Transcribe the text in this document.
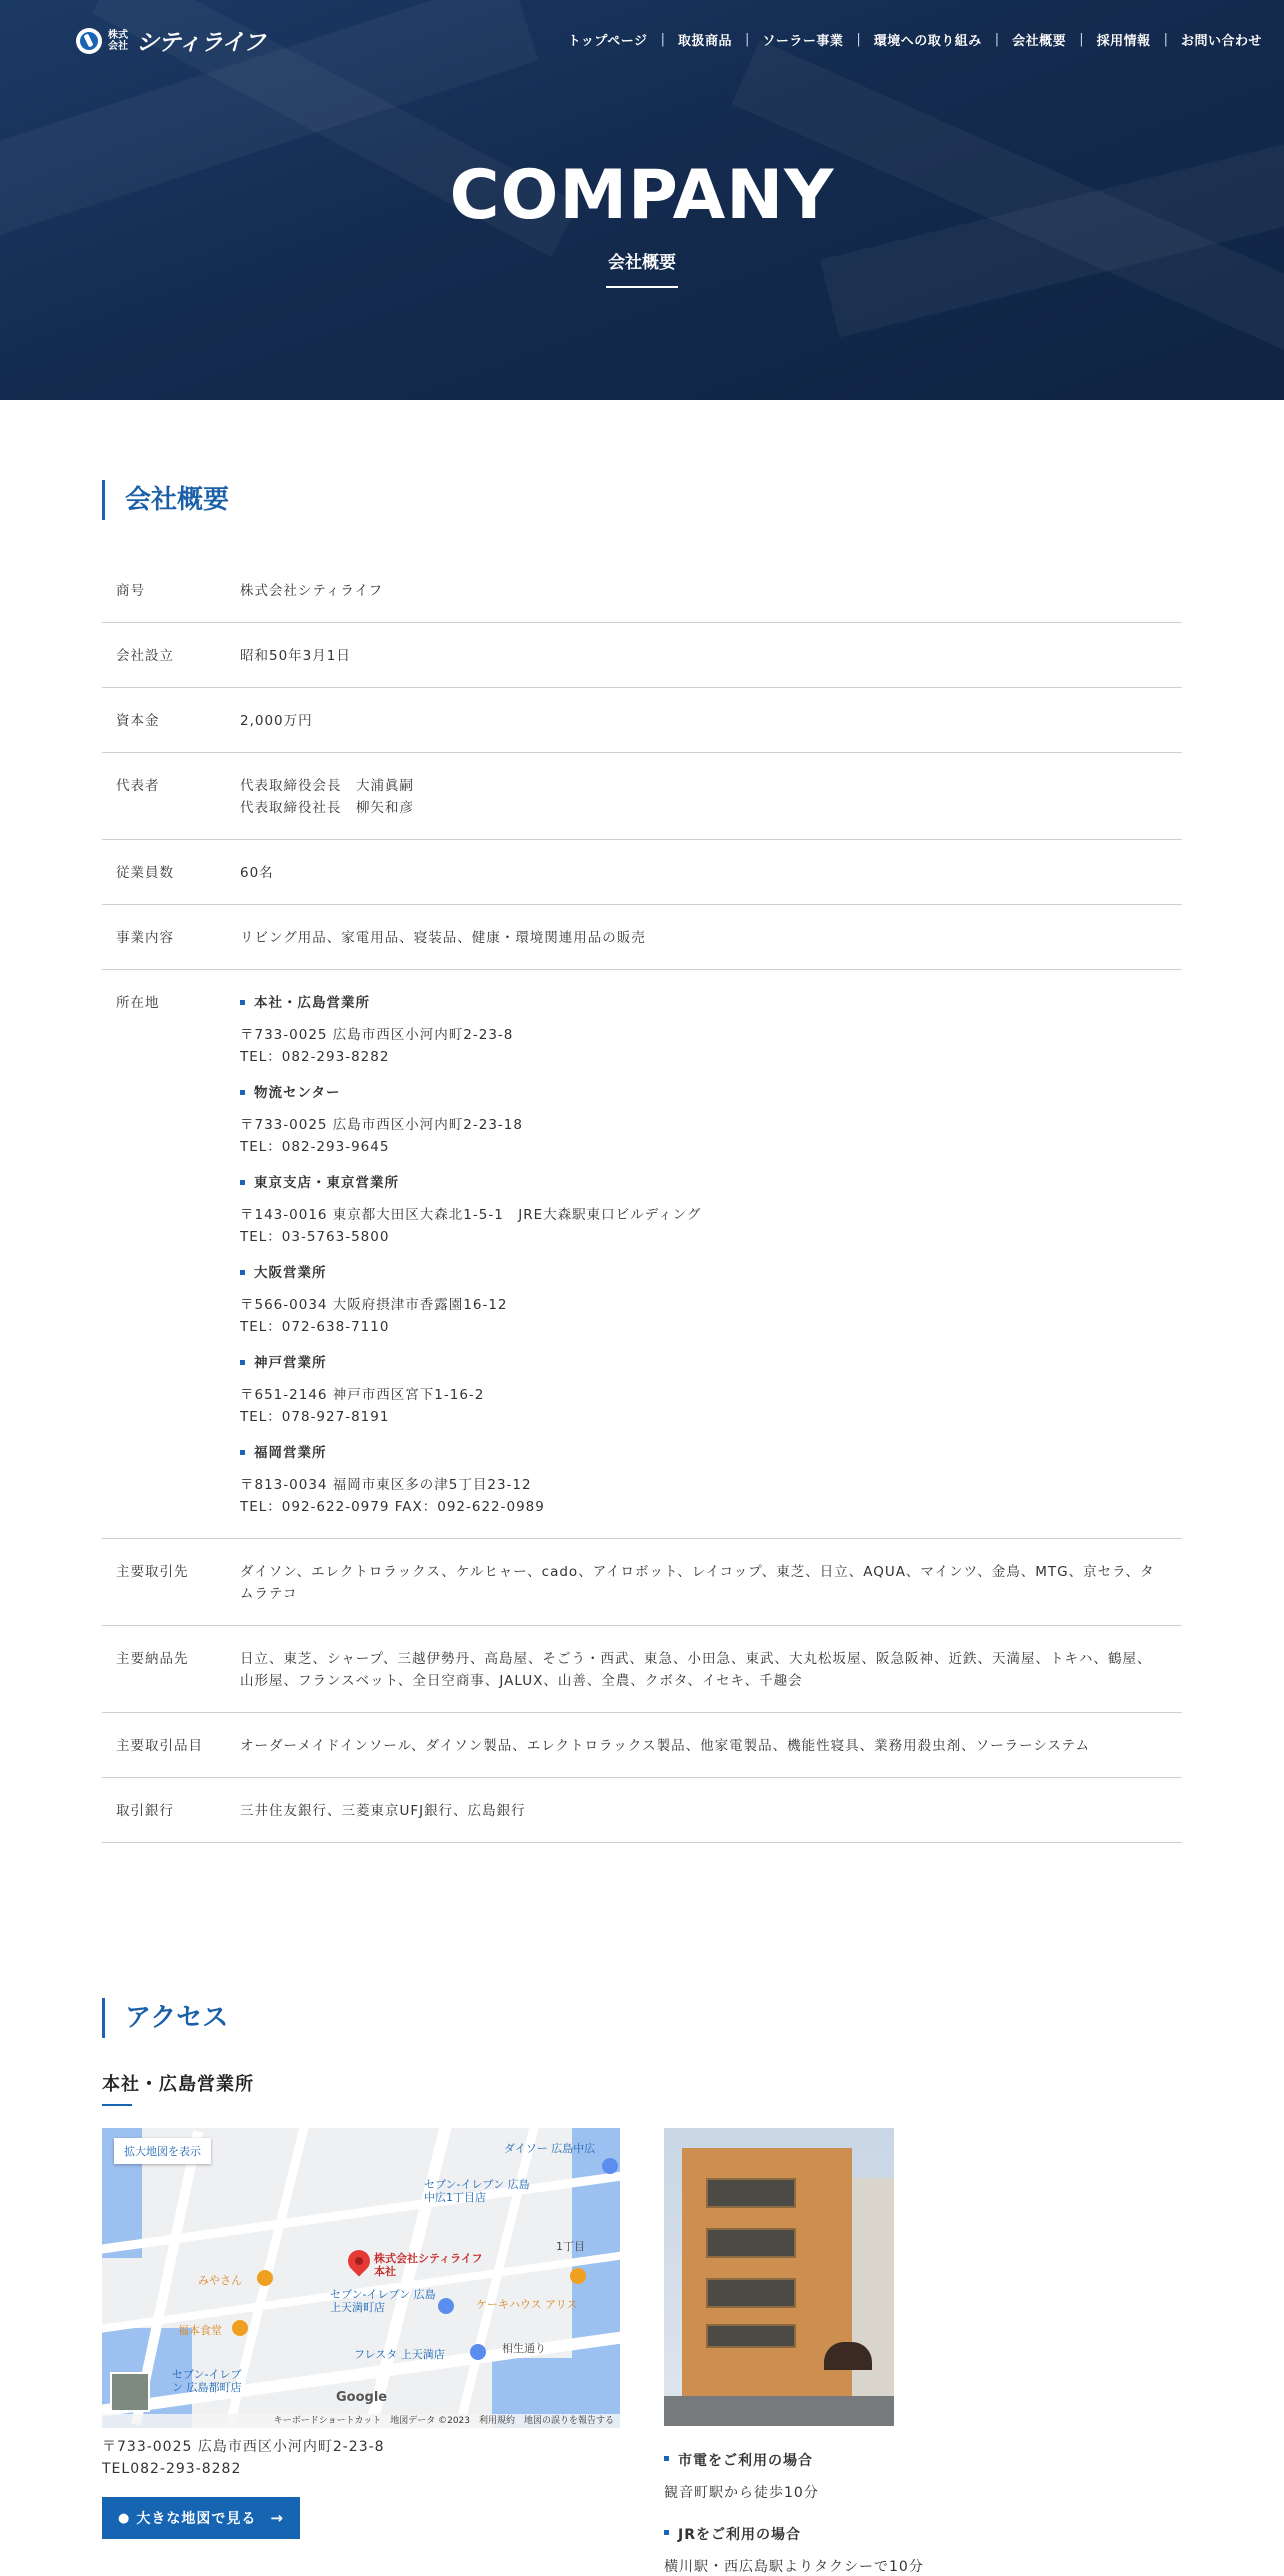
株式会社 シティライフ	トップページ | 取扱商品 | ソーラー事業 | 環境への取り組み | 会社概要 | 採用情報 | お問い合わせ
COMPANY
会社概要
会社概要
商号	株式会社シティライフ
会社設立	昭和50年3月1日
資本金	2,000万円
代表者	代表取締役会長　大浦眞嗣
代表取締役社長　柳矢和彦
従業員数	60名
事業内容	リビング用品、家電用品、寝装品、健康・環境関連用品の販売
所在地	本社・広島営業所
〒733-0025 広島市西区小河内町2-23-8
TEL：082-293-8282
物流センター
〒733-0025 広島市西区小河内町2-23-18
TEL：082-293-9645
東京支店・東京営業所
〒143-0016 東京都大田区大森北1-5-1　JRE大森駅東口ビルディング
TEL：03-5763-5800
大阪営業所
〒566-0034 大阪府摂津市香露園16-12
TEL：072-638-7110
神戸営業所
〒651-2146 神戸市西区宮下1-16-2
TEL：078-927-8191
福岡営業所
〒813-0034 福岡市東区多の津5丁目23-12
TEL：092-622-0979 FAX：092-622-0989
主要取引先	ダイソン、エレクトロラックス、ケルヒャー、cado、アイロボット、レイコップ、東芝、日立、AQUA、マインツ、金鳥、MTG、京セラ、タムラテコ
主要納品先	日立、東芝、シャープ、三越伊勢丹、高島屋、そごう・西武、東急、小田急、東武、大丸松坂屋、阪急阪神、近鉄、天満屋、トキハ、鶴屋、山形屋、フランスベット、全日空商事、JALUX、山善、全農、クボタ、イセキ、千趣会
主要取引品目	オーダーメイドインソール、ダイソン製品、エレクトロラックス製品、他家電製品、機能性寝具、業務用殺虫剤、ソーラーシステム
取引銀行	三井住友銀行、三菱東京UFJ銀行、広島銀行
アクセス
本社・広島営業所
拡大地図を表示
株式会社シティライフ 本社
ダイソー 広島中広
セブン-イレブン 広島中広1丁目店
みやさん
福本食堂
セブン-イレブン 広島上天満町店	ケーキハウス アリス
フレスタ 上天満店
セブン-イレブン 広島都町店
相生通り
1丁目
Google
キーボードショートカット　地図データ ©2023　利用規約　地図の誤りを報告する
〒733-0025 広島市西区小河内町2-23-8
TEL082-293-8282
● 大きな地図で見る →
市電をご利用の場合
観音町駅から徒歩10分
JRをご利用の場合
横川駅・西広島駅よりタクシーで10分
